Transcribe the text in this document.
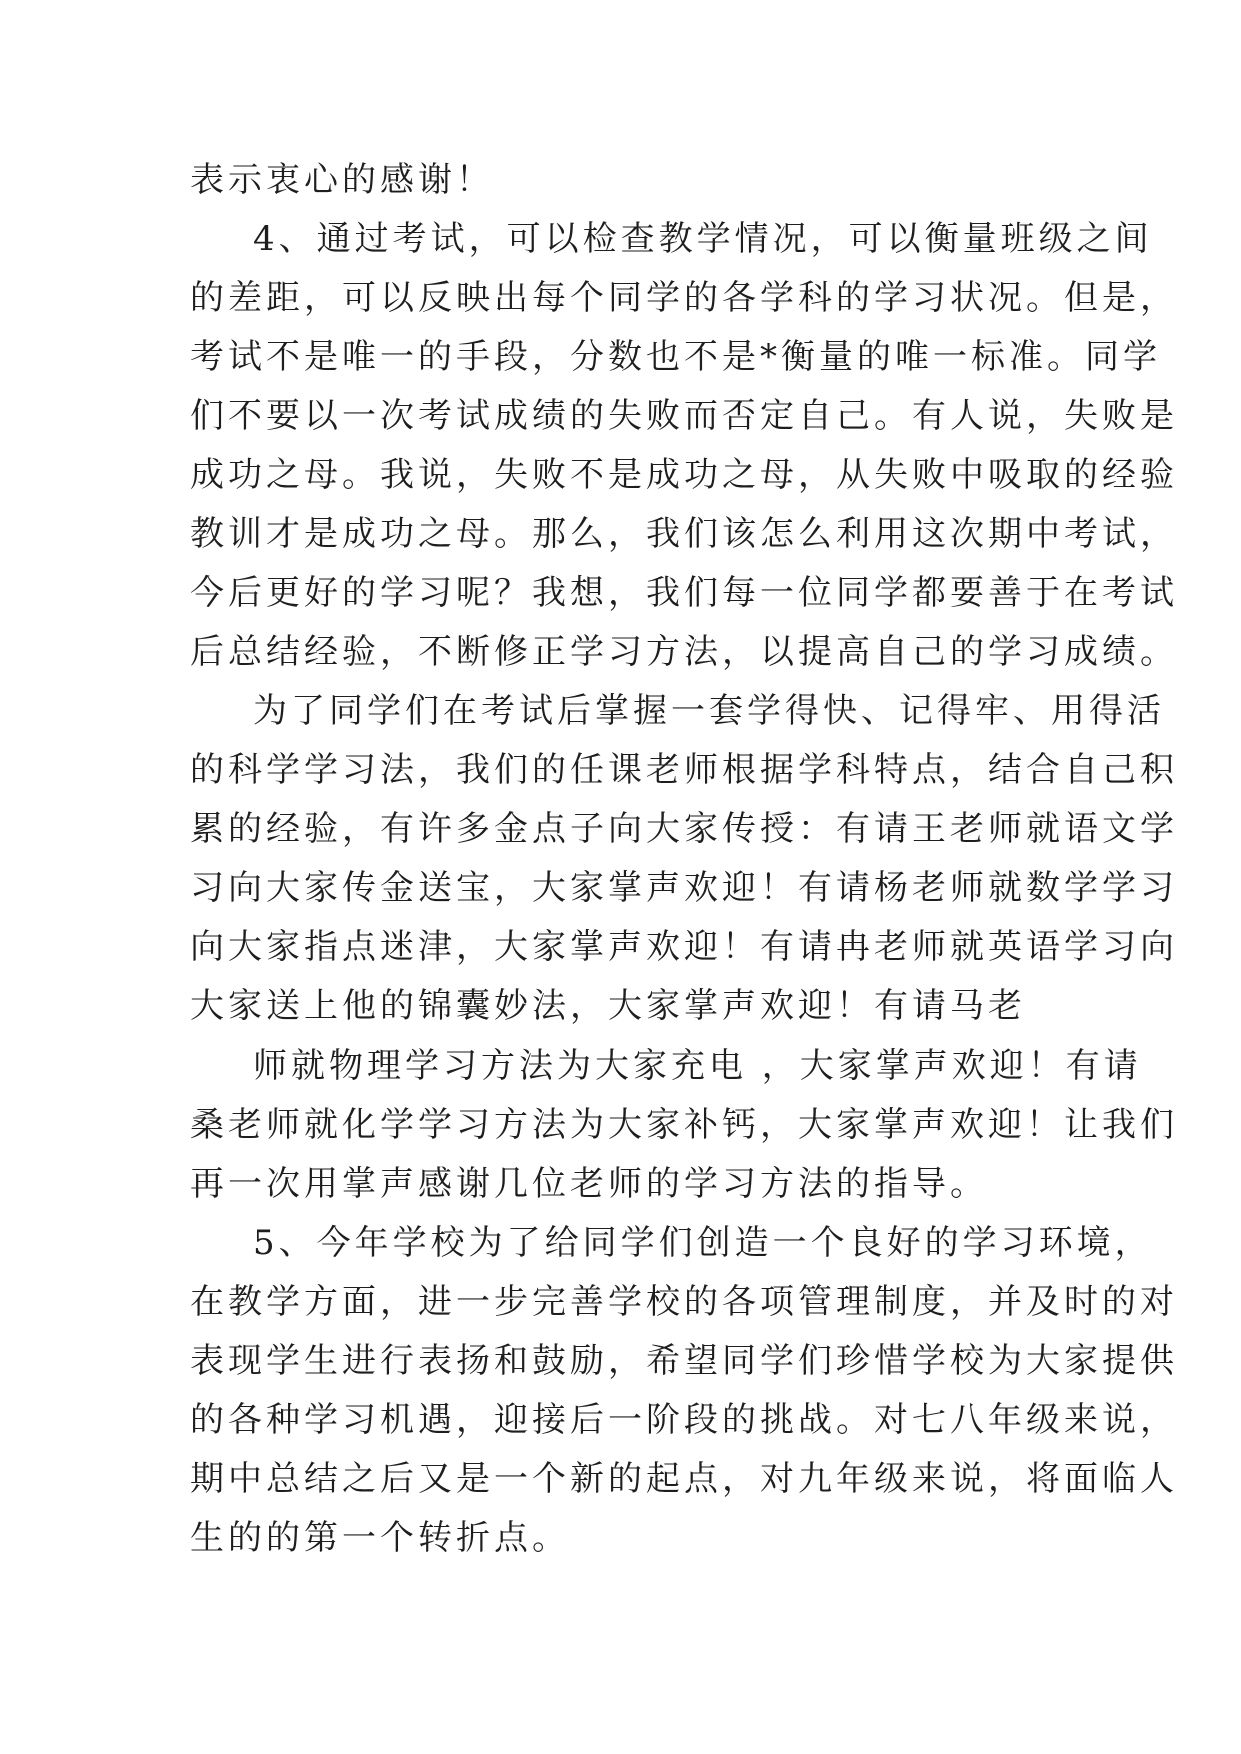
表示衷心的感谢！
4、通过考试，可以检查教学情况，可以衡量班级之间
的差距，可以反映出每个同学的各学科的学习状况。但是，
考试不是唯一的手段，分数也不是*衡量的唯一标准。同学
们不要以一次考试成绩的失败而否定自己。有人说，失败是
成功之母。我说，失败不是成功之母，从失败中吸取的经验
教训才是成功之母。那么，我们该怎么利用这次期中考试，
今后更好的学习呢？我想，我们每一位同学都要善于在考试
后总结经验，不断修正学习方法，以提高自己的学习成绩。
为了同学们在考试后掌握一套学得快、记得牢、用得活
的科学学习法，我们的任课老师根据学科特点，结合自己积
累的经验，有许多金点子向大家传授：有请王老师就语文学
习向大家传金送宝，大家掌声欢迎！有请杨老师就数学学习
向大家指点迷津，大家掌声欢迎！有请冉老师就英语学习向
大家送上他的锦囊妙法，大家掌声欢迎！有请马老
师就物理学习方法为大家充电 ，大家掌声欢迎！有请
桑老师就化学学习方法为大家补钙，大家掌声欢迎！让我们
再一次用掌声感谢几位老师的学习方法的指导。
5、今年学校为了给同学们创造一个良好的学习环境，
在教学方面，进一步完善学校的各项管理制度，并及时的对
表现学生进行表扬和鼓励，希望同学们珍惜学校为大家提供
的各种学习机遇，迎接后一阶段的挑战。对七八年级来说，
期中总结之后又是一个新的起点，对九年级来说，将面临人
生的的第一个转折点。
